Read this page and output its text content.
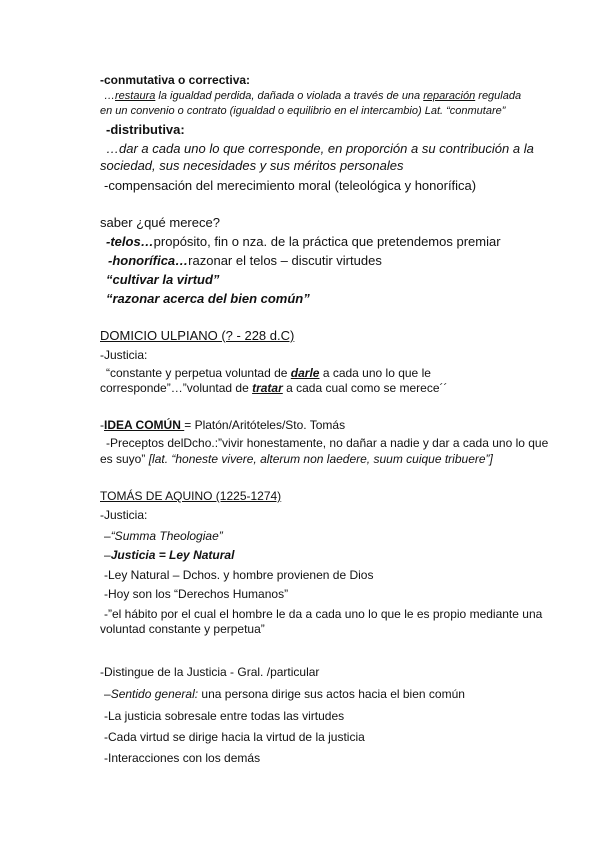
-conmutativa o correctiva:
…restaura la igualdad perdida, dañada o violada a través de una reparación regulada
en un convenio o contrato (igualdad o equilibrio en el intercambio) Lat. “conmutare”
-distributiva:
…dar a cada uno lo que corresponde, en proporción a su contribución a la
sociedad, sus necesidades y sus méritos personales
-compensación del merecimiento moral (teleológica y honorífica)
saber ¿qué merece?
-telos…propósito, fin o nza. de la práctica que pretendemos premiar
-honorífica…razonar el telos – discutir virtudes
“cultivar la virtud”
“razonar acerca del bien común”
DOMICIO ULPIANO (? - 228 d.C)
-Justicia:
“constante y perpetua voluntad de darle a cada uno lo que le
corresponde”…”voluntad de tratar a cada cual como se merece´´
-IDEA COMÚN = Platón/Aritóteles/Sto. Tomás
-Preceptos delDcho.:”vivir honestamente, no dañar a nadie y dar a cada uno lo que
es suyo” [lat. “honeste vivere, alterum non laedere, suum cuique tribuere”]
TOMÁS DE AQUINO (1225-1274)
-Justicia:
–“Summa Theologiae”
–Justicia = Ley Natural
-Ley Natural – Dchos. y hombre provienen de Dios
-Hoy son los “Derechos Humanos”
-”el hábito por el cual el hombre le da a cada uno lo que le es propio mediante una
voluntad constante y perpetua”
-Distingue de la Justicia - Gral. /particular
–Sentido general: una persona dirige sus actos hacia el bien común
-La justicia sobresale entre todas las virtudes
-Cada virtud se dirige hacia la virtud de la justicia
-Interacciones con los demás
